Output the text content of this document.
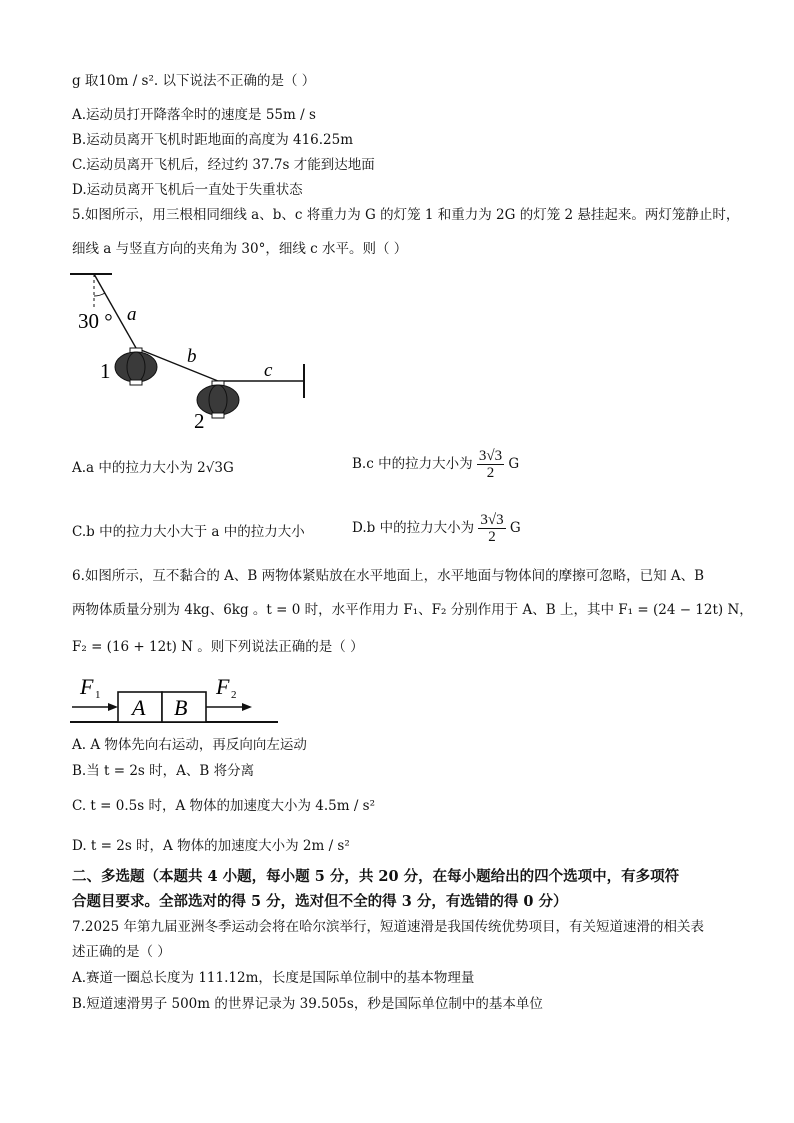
g 取10m / s². 以下说法不正确的是（ ）
A.运动员打开降落伞时的速度是 55m / s
B.运动员离开飞机时距地面的高度为 416.25m
C.运动员离开飞机后，经过约 37.7s 才能到达地面
D.运动员离开飞机后一直处于失重状态
5.如图所示，用三根相同细线 a、b、c 将重力为 G 的灯笼 1 和重力为 2G 的灯笼 2 悬挂起来。两灯笼静止时，
细线 a 与竖直方向的夹角为 30°，细线 c 水平。则（ ）
30 ° a
b
c
1
2
A.a 中的拉力大小为 2√3G	B.c 中的拉力大小为 $\frac{3√3}{2}$ G
C.b 中的拉力大小大于 a 中的拉力大小	D.b 中的拉力大小为 $\frac{3√3}{2}$ G
6.如图所示，互不黏合的 A、B 两物体紧贴放在水平地面上，水平地面与物体间的摩擦可忽略，已知 A、B
两物体质量分别为 4kg、6kg 。t = 0 时，水平作用力 F₁、F₂ 分别作用于 A、B 上，其中 F₁ = (24 − 12t) N，
F₂ = (16 + 12t) N 。则下列说法正确的是（ ）
A B
F 1	F 2
A. A 物体先向右运动，再反向向左运动
B.当 t = 2s 时，A、B 将分离
C. t = 0.5s 时，A 物体的加速度大小为 4.5m / s²
D. t = 2s 时，A 物体的加速度大小为 2m / s²
二、多选题（本题共 4 小题，每小题 5 分，共 20 分，在每小题给出的四个选项中，有多项符
合题目要求。全部选对的得 5 分，选对但不全的得 3 分，有选错的得 0 分）
7.2025 年第九届亚洲冬季运动会将在哈尔滨举行，短道速滑是我国传统优势项目，有关短道速滑的相关表
述正确的是（ ）
A.赛道一圈总长度为 111.12m，长度是国际单位制中的基本物理量
B.短道速滑男子 500m 的世界记录为 39.505s，秒是国际单位制中的基本单位
